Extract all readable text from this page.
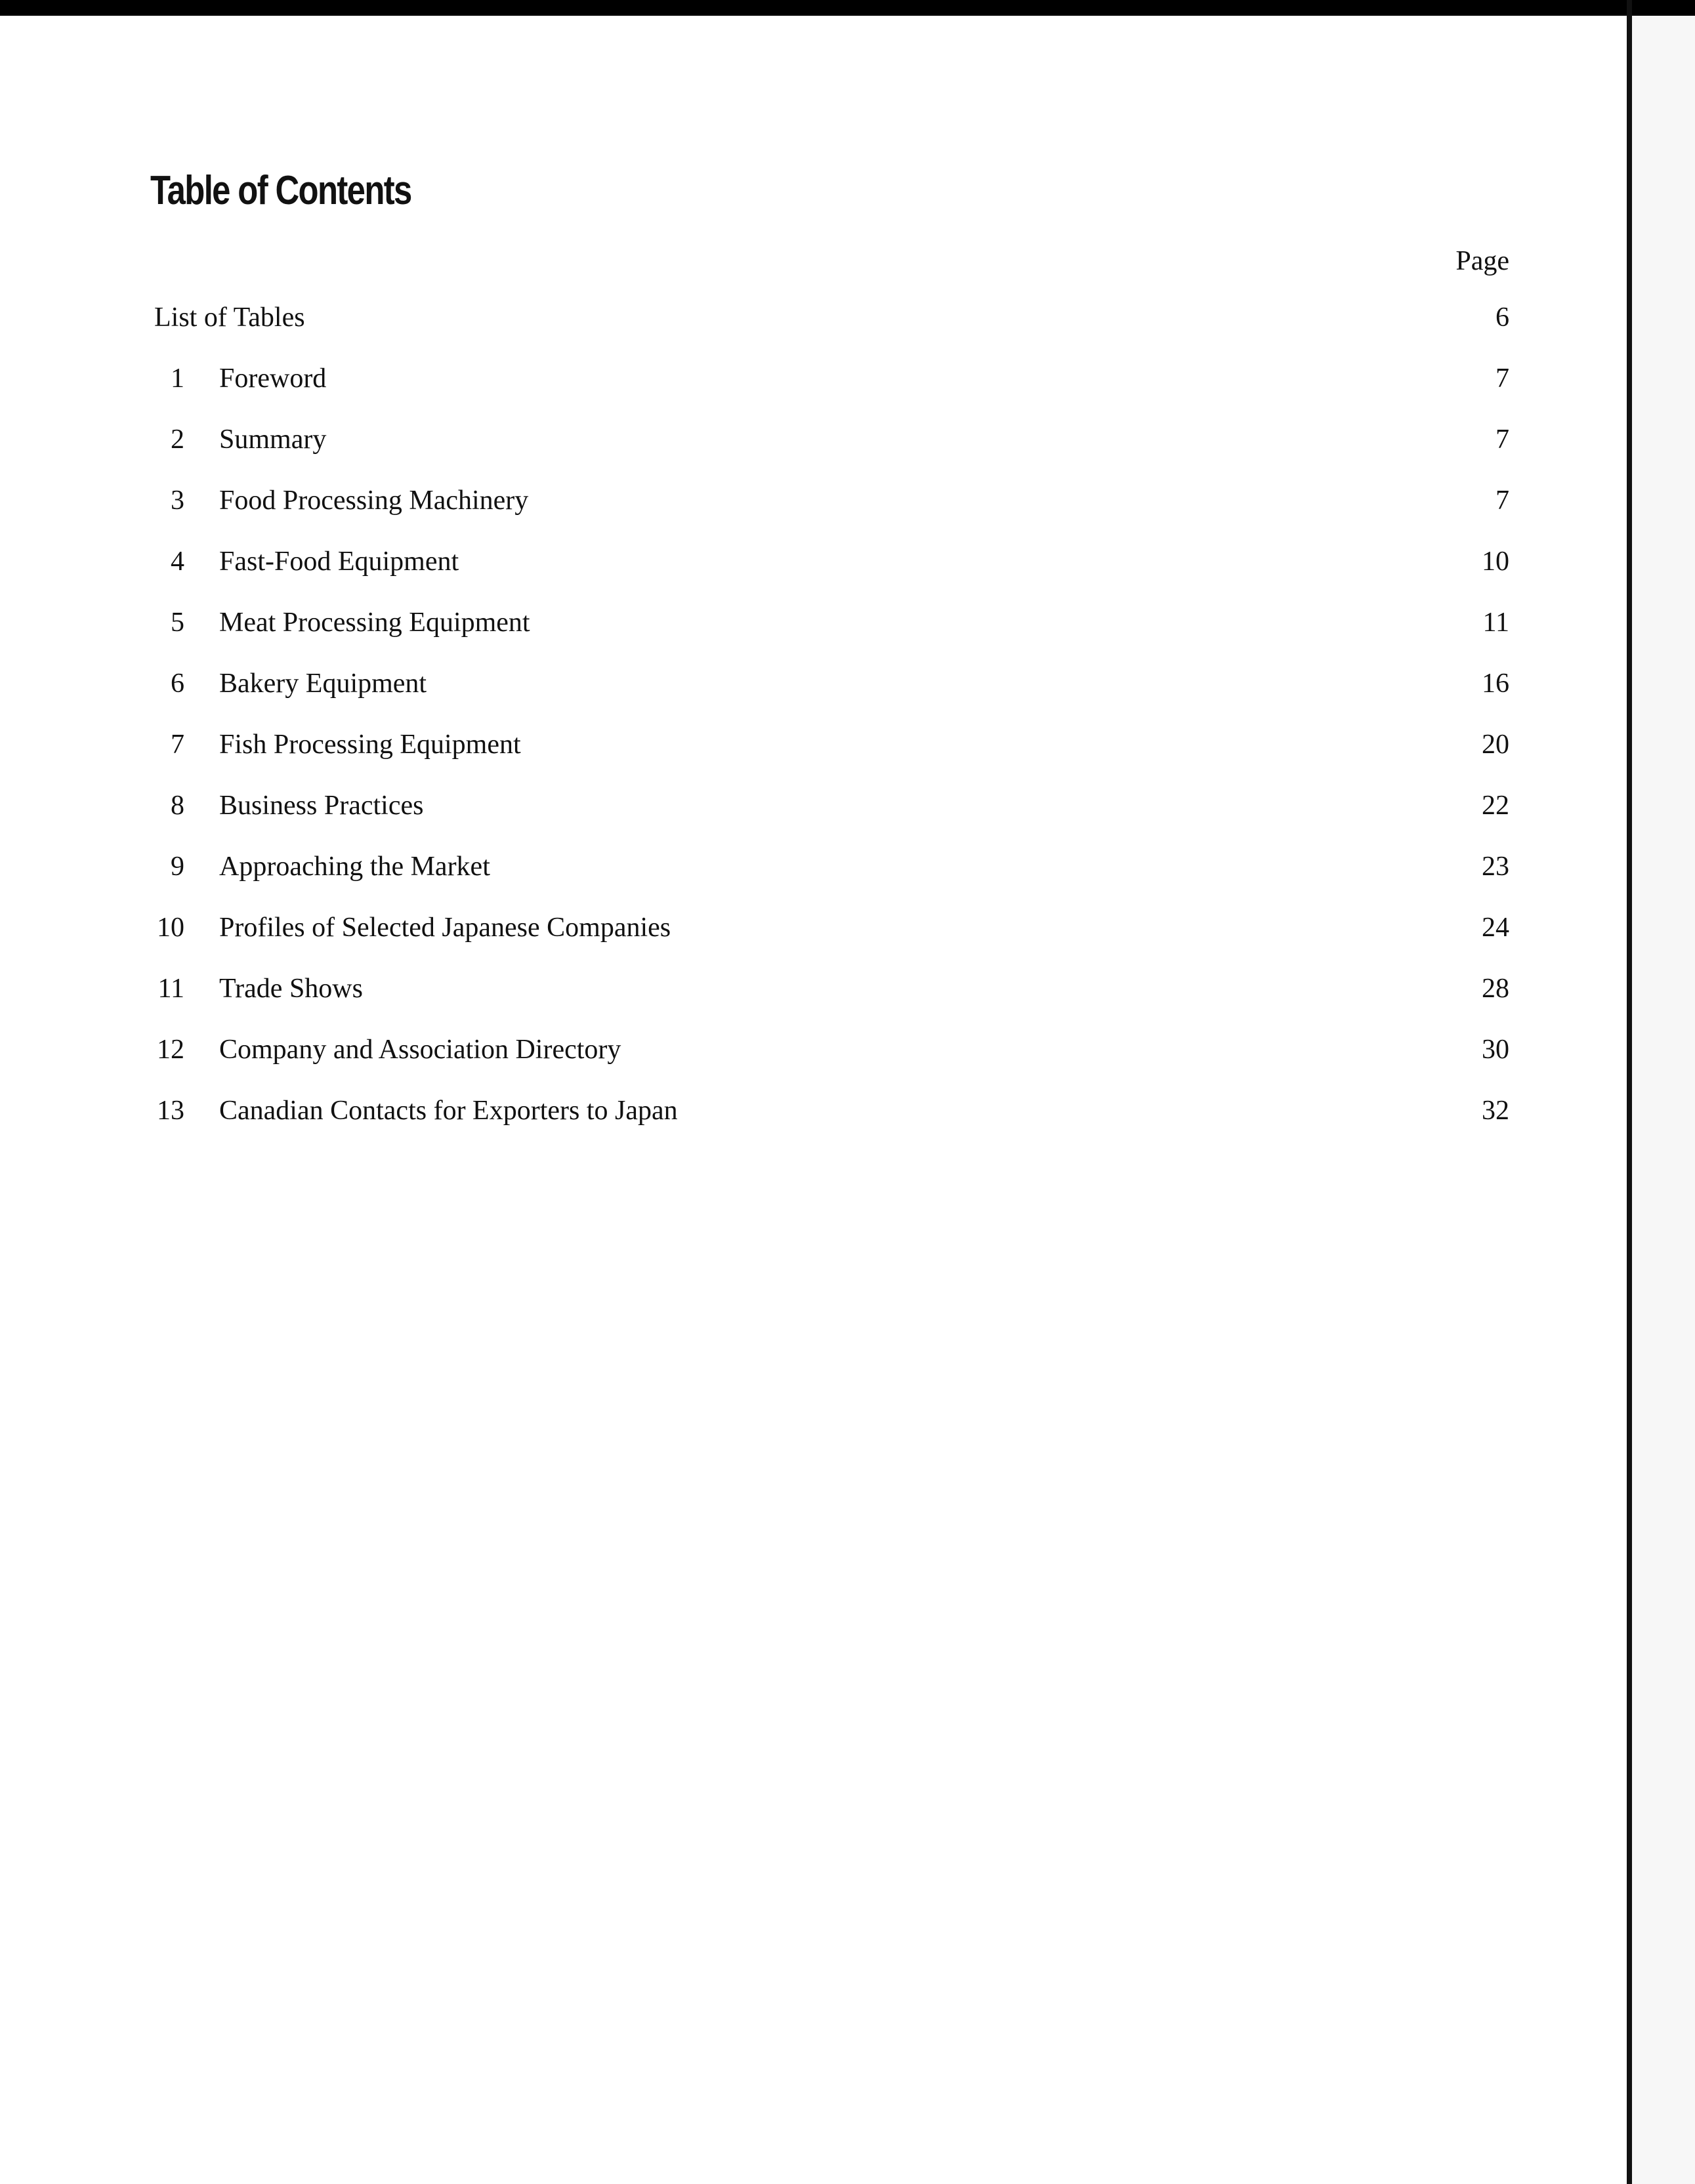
Table of Contents
Page
List of Tables	6
1 Foreword	7
2 Summary	7
3 Food Processing Machinery	7
4 Fast-Food Equipment	10
5 Meat Processing Equipment	11
6 Bakery Equipment	16
7 Fish Processing Equipment	20
8 Business Practices	22
9 Approaching the Market	23
10 Profiles of Selected Japanese Companies	24
11 Trade Shows	28
12 Company and Association Directory	30
13 Canadian Contacts for Exporters to Japan	32
